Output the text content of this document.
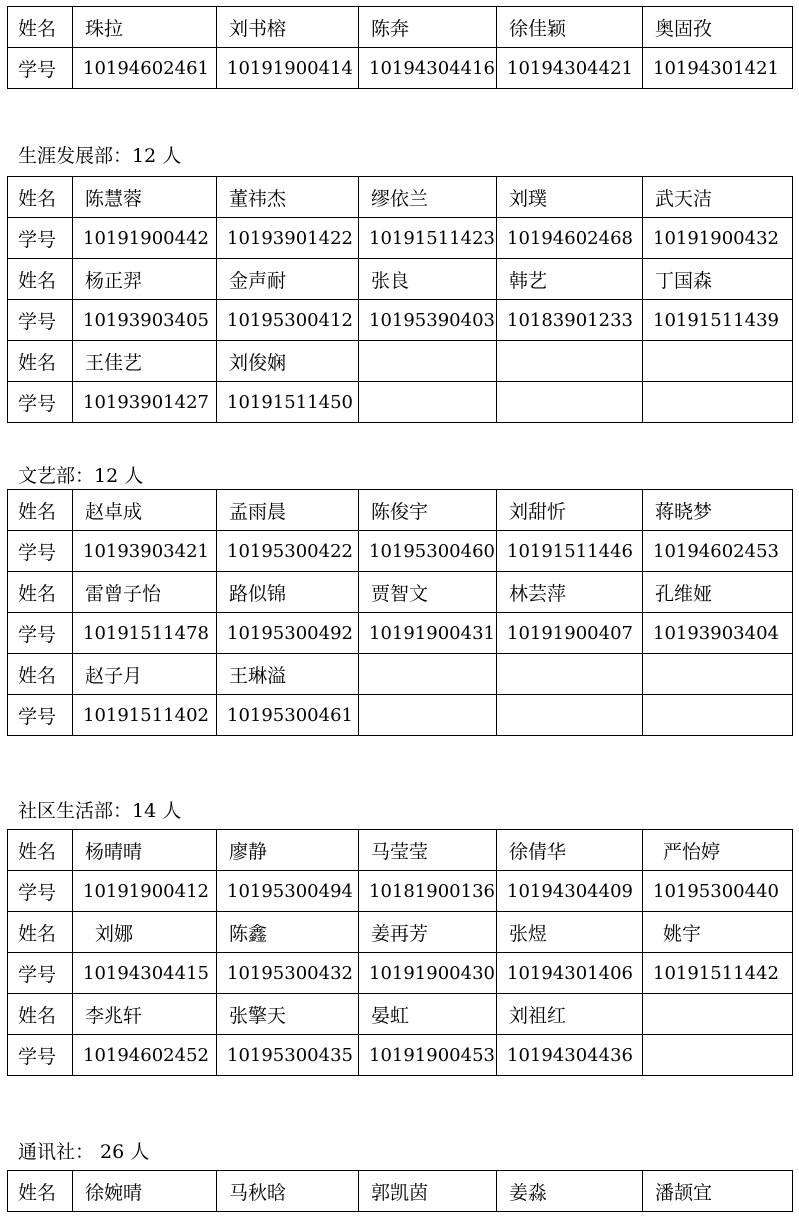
姓名	珠拉	刘书榕	陈奔	徐佳颖	奥固孜
学号	10194602461	10191900414	10194304416	10194304421	10194301421
生涯发展部：12 人
姓名	陈慧蓉	董祎杰	缪依兰	刘璞	武天洁
学号	10191900442	10193901422	10191511423	10194602468	10191900432
姓名	杨正羿	金声耐	张良	韩艺	丁国森
学号	10193903405	10195300412	10195390403	10183901233	10191511439
姓名	王佳艺	刘俊娴			
学号	10193901427	10191511450			
文艺部：12 人
姓名	赵卓成	孟雨晨	陈俊宇	刘甜忻	蒋晓梦
学号	10193903421	10195300422	10195300460	10191511446	10194602453
姓名	雷曾子怡	路似锦	贾智文	林芸萍	孔维娅
学号	10191511478	10195300492	10191900431	10191900407	10193903404
姓名	赵子月	王琳溢			
学号	10191511402	10195300461			
社区生活部：14 人
姓名	杨晴晴	廖静	马莹莹	徐倩华	严怡婷
学号	10191900412	10195300494	10181900136	10194304409	10195300440
姓名	刘娜	陈鑫	姜再芳	张煜	姚宇
学号	10194304415	10195300432	10191900430	10194301406	10191511442
姓名	李兆轩	张擎天	晏虹	刘祖红	
学号	10194602452	10195300435	10191900453	10194304436	
通讯社： 26 人
姓名	徐婉晴	马秋晗	郭凯茵	姜淼	潘颉宜
